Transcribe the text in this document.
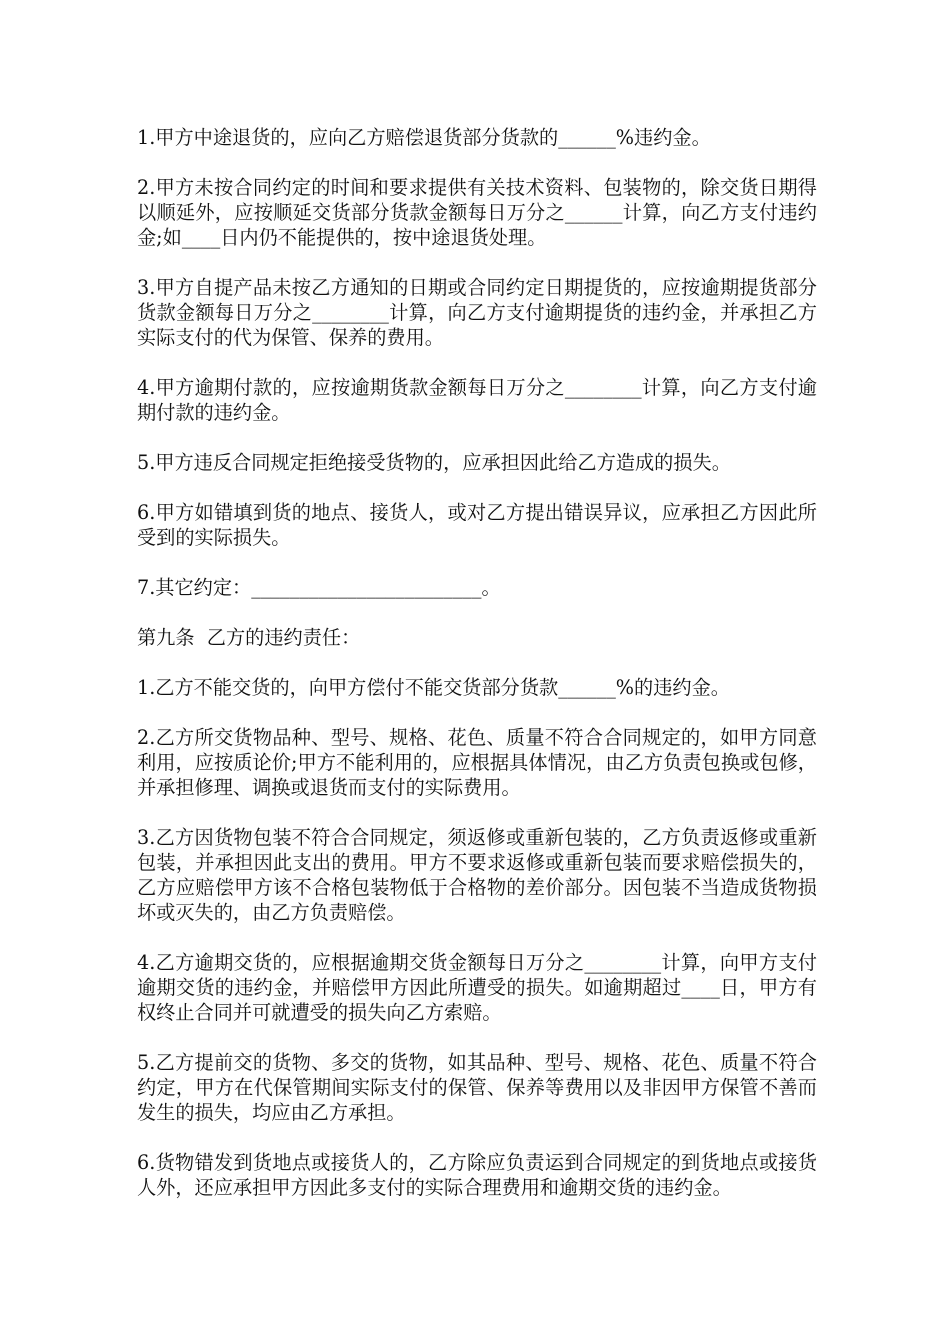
1.甲方中途退货的，应向乙方赔偿退货部分货款的______%违约金。

2.甲方未按合同约定的时间和要求提供有关技术资料、包装物的，除交货日期得以顺延外，应按顺延交货部分货款金额每日万分之______计算，向乙方支付违约金;如____日内仍不能提供的，按中途退货处理。

3.甲方自提产品未按乙方通知的日期或合同约定日期提货的，应按逾期提货部分货款金额每日万分之________计算，向乙方支付逾期提货的违约金，并承担乙方实际支付的代为保管、保养的费用。

4.甲方逾期付款的，应按逾期货款金额每日万分之________计算，向乙方支付逾期付款的违约金。

5.甲方违反合同规定拒绝接受货物的，应承担因此给乙方造成的损失。

6.甲方如错填到货的地点、接货人，或对乙方提出错误异议，应承担乙方因此所受到的实际损失。

7.其它约定：________________________。

第九条  乙方的违约责任：

1.乙方不能交货的，向甲方偿付不能交货部分货款______%的违约金。

2.乙方所交货物品种、型号、规格、花色、质量不符合合同规定的，如甲方同意利用，应按质论价;甲方不能利用的，应根据具体情况，由乙方负责包换或包修，并承担修理、调换或退货而支付的实际费用。

3.乙方因货物包装不符合合同规定，须返修或重新包装的，乙方负责返修或重新包装，并承担因此支出的费用。甲方不要求返修或重新包装而要求赔偿损失的，乙方应赔偿甲方该不合格包装物低于合格物的差价部分。因包装不当造成货物损坏或灭失的，由乙方负责赔偿。

4.乙方逾期交货的，应根据逾期交货金额每日万分之________计算，向甲方支付逾期交货的违约金，并赔偿甲方因此所遭受的损失。如逾期超过____日，甲方有权终止合同并可就遭受的损失向乙方索赔。

5.乙方提前交的货物、多交的货物，如其品种、型号、规格、花色、质量不符合约定，甲方在代保管期间实际支付的保管、保养等费用以及非因甲方保管不善而发生的损失，均应由乙方承担。

6.货物错发到货地点或接货人的，乙方除应负责运到合同规定的到货地点或接货人外，还应承担甲方因此多支付的实际合理费用和逾期交货的违约金。
